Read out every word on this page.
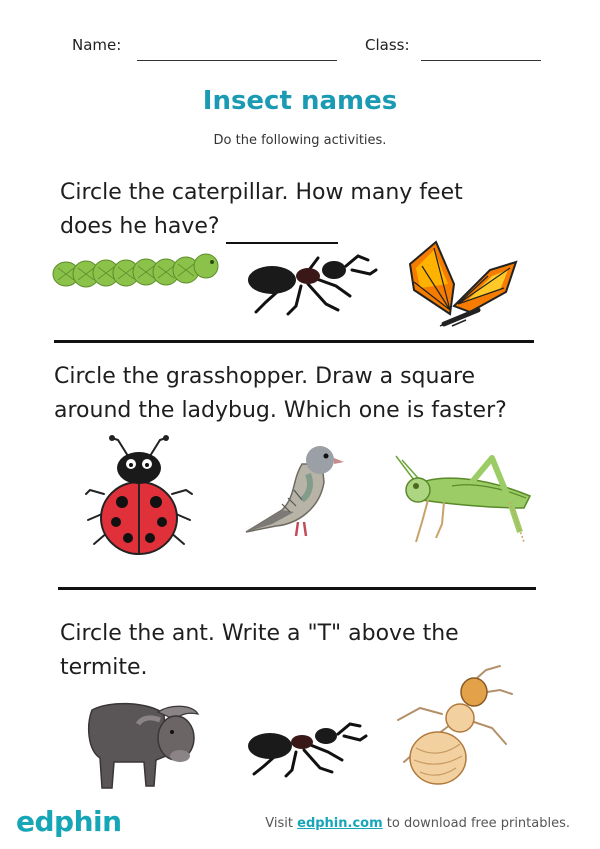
Name:	Class:
Insect names
Do the following activities.
Circle the caterpillar. How many feet
does he have?
Circle the grasshopper. Draw a square
around the ladybug. Which one is faster?
Circle the ant. Write a "T" above the
termite.
edphin	Visit edphin.com to download free printables.
